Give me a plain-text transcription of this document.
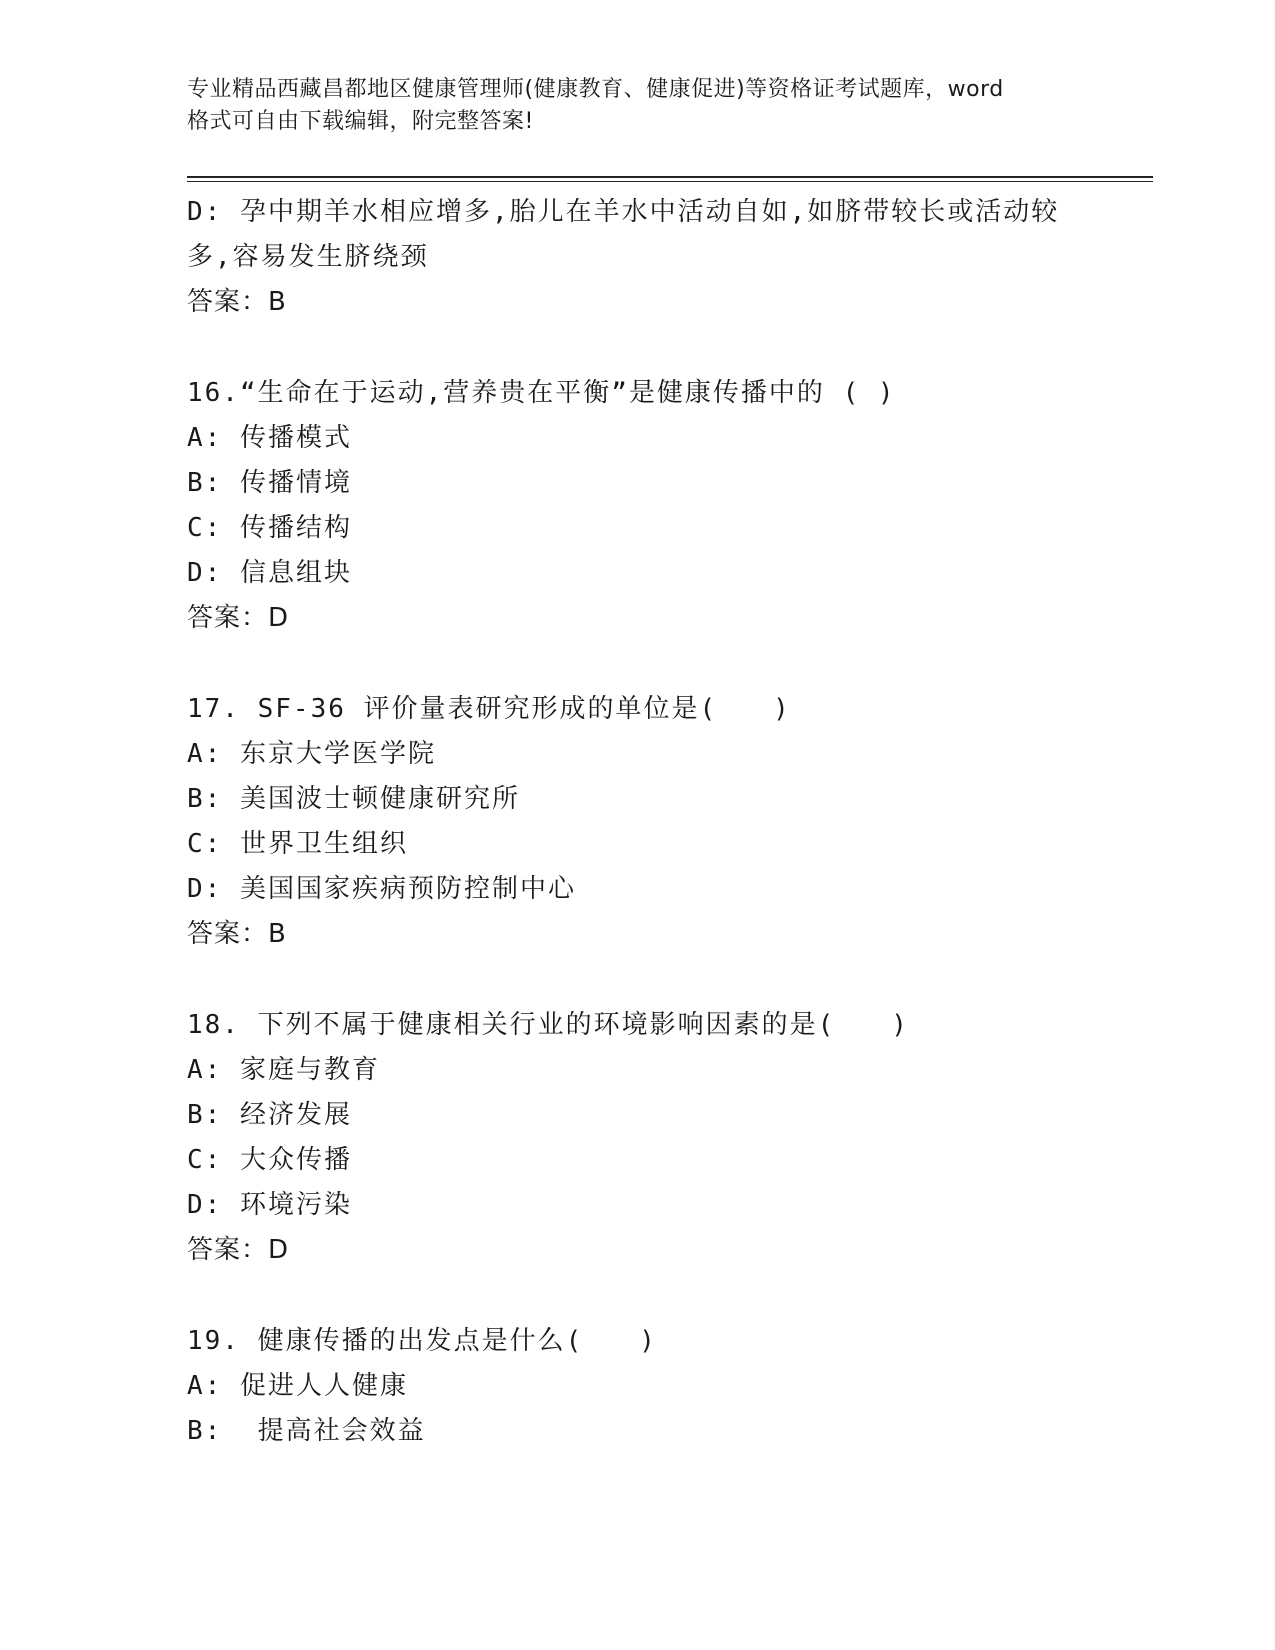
专业精品西藏昌都地区健康管理师(健康教育、健康促进)等资格证考试题库，word
格式可自由下载编辑，附完整答案!
D: 孕中期羊水相应增多,胎儿在羊水中活动自如,如脐带较长或活动较
多,容易发生脐绕颈
答案：B
16.“生命在于运动,营养贵在平衡”是健康传播中的 ( )
A: 传播模式
B: 传播情境
C: 传播结构
D: 信息组块
答案：D
17. SF-36 评价量表研究形成的单位是(　　)
A: 东京大学医学院
B: 美国波士顿健康研究所
C: 世界卫生组织
D: 美国国家疾病预防控制中心
答案：B
18. 下列不属于健康相关行业的环境影响因素的是(　　)
A: 家庭与教育
B: 经济发展
C: 大众传播
D: 环境污染
答案：D
19. 健康传播的出发点是什么(　　)
A: 促进人人健康
B:  提高社会效益
